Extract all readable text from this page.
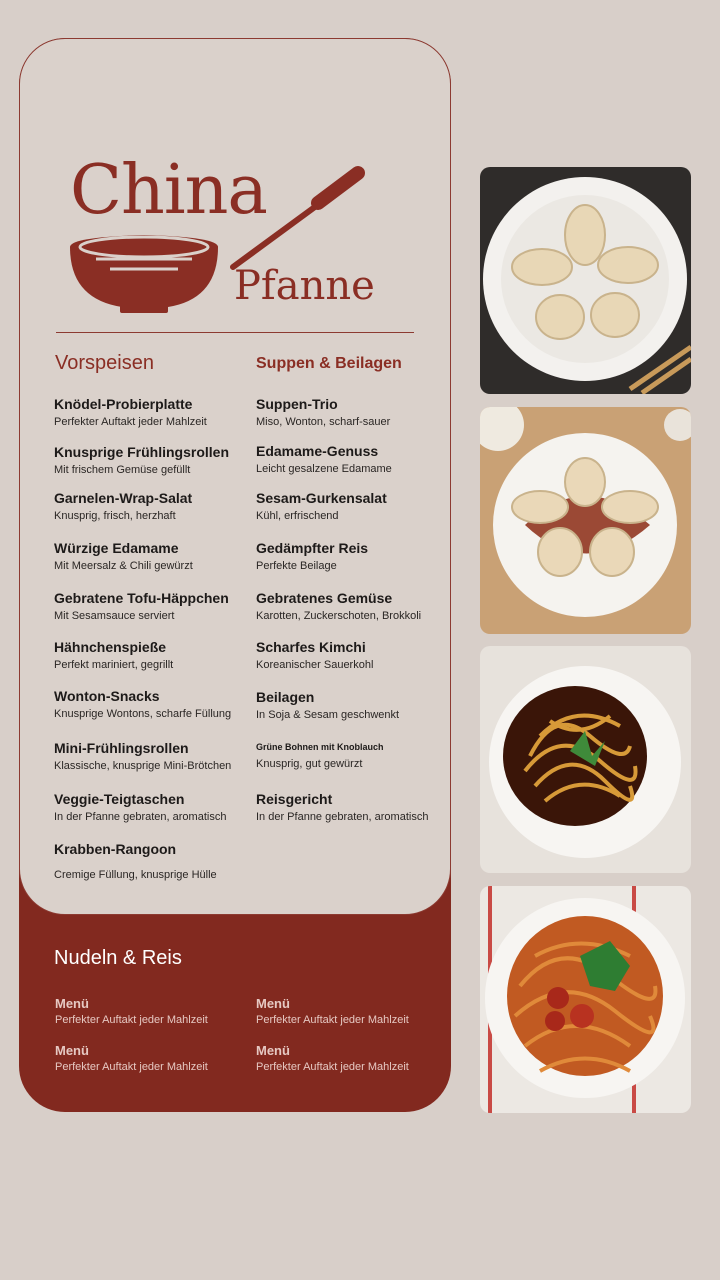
China
Pfanne
Vorspeisen	Suppen & Beilagen
Knödel-Probierplatte
Perfekter Auftakt jeder Mahlzeit
Knusprige Frühlingsrollen
Mit frischem Gemüse gefüllt
Garnelen-Wrap-Salat
Knusprig, frisch, herzhaft
Würzige Edamame
Mit Meersalz & Chili gewürzt
Gebratene Tofu-Häppchen
Mit Sesamsauce serviert
Hähnchenspieße
Perfekt mariniert, gegrillt
Wonton-Snacks
Knusprige Wontons, scharfe Füllung
Mini-Frühlingsrollen
Klassische, knusprige Mini-Brötchen
Veggie-Teigtaschen
In der Pfanne gebraten, aromatisch
Krabben-Rangoon
Cremige Füllung, knusprige Hülle
Suppen-Trio
Miso, Wonton, scharf-sauer
Edamame-Genuss
Leicht gesalzene Edamame
Sesam-Gurkensalat
Kühl, erfrischend
Gedämpfter Reis
Perfekte Beilage
Gebratenes Gemüse
Karotten, Zuckerschoten, Brokkoli
Scharfes Kimchi
Koreanischer Sauerkohl
Beilagen
In Soja & Sesam geschwenkt
Grüne Bohnen mit Knoblauch
Knusprig, gut gewürzt
Reisgericht
In der Pfanne gebraten, aromatisch
Nudeln & Reis
Menü
Perfekter Auftakt jeder Mahlzeit
Menü
Perfekter Auftakt jeder Mahlzeit
Menü
Perfekter Auftakt jeder Mahlzeit
Menü
Perfekter Auftakt jeder Mahlzeit
